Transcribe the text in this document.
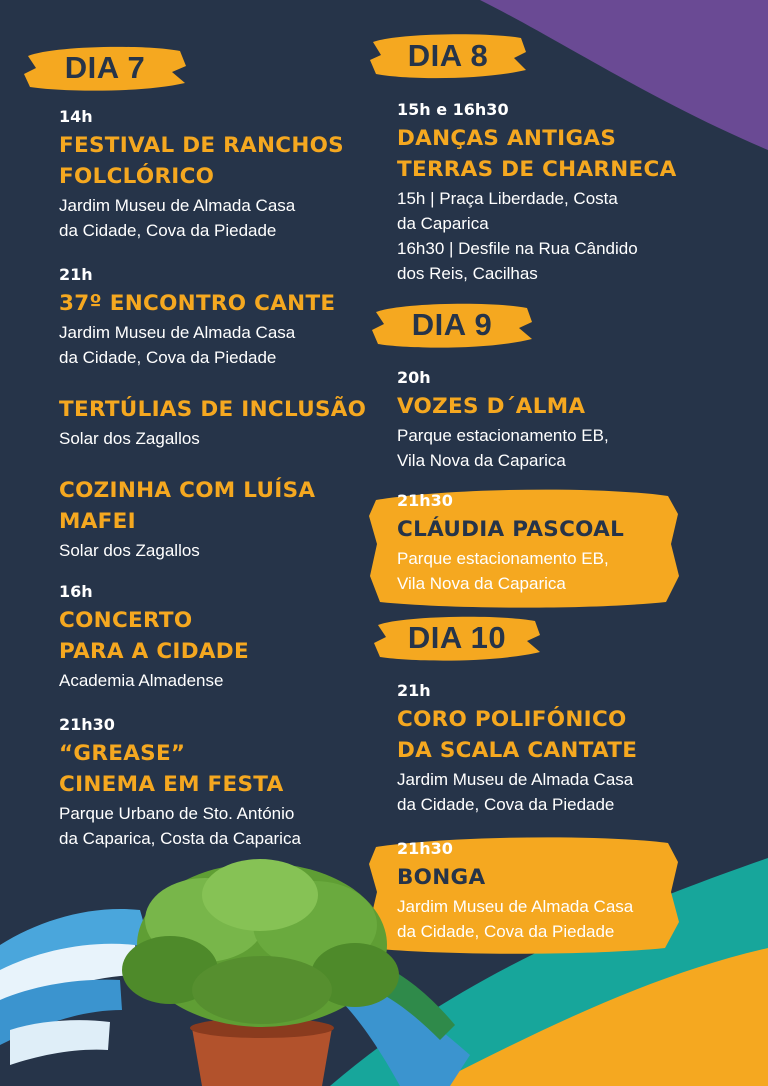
DIA 7
14h
FESTIVAL DE RANCHOS
FOLCLÓRICO
Jardim Museu de Almada Casa
da Cidade, Cova da Piedade
21h
37º ENCONTRO CANTE
Jardim Museu de Almada Casa
da Cidade, Cova da Piedade
TERTÚLIAS DE INCLUSÃO
Solar dos Zagallos
COZINHA COM LUÍSA
MAFEI
Solar dos Zagallos
16h
CONCERTO
PARA A CIDADE
Academia Almadense
21h30
“GREASE”
CINEMA EM FESTA
Parque Urbano de Sto. António
da Caparica, Costa da Caparica
DIA 8
15h e 16h30
DANÇAS ANTIGAS
TERRAS DE CHARNECA
15h | Praça Liberdade, Costa
da Caparica
16h30 | Desfile na Rua Cândido
dos Reis, Cacilhas
DIA 9
20h
VOZES D´ALMA
Parque estacionamento EB,
Vila Nova da Caparica
21h30
CLÁUDIA PASCOAL
Parque estacionamento EB,
Vila Nova da Caparica
DIA 10
21h
CORO POLIFÓNICO
DA SCALA CANTATE
Jardim Museu de Almada Casa
da Cidade, Cova da Piedade
21h30
BONGA
Jardim Museu de Almada Casa
da Cidade, Cova da Piedade
